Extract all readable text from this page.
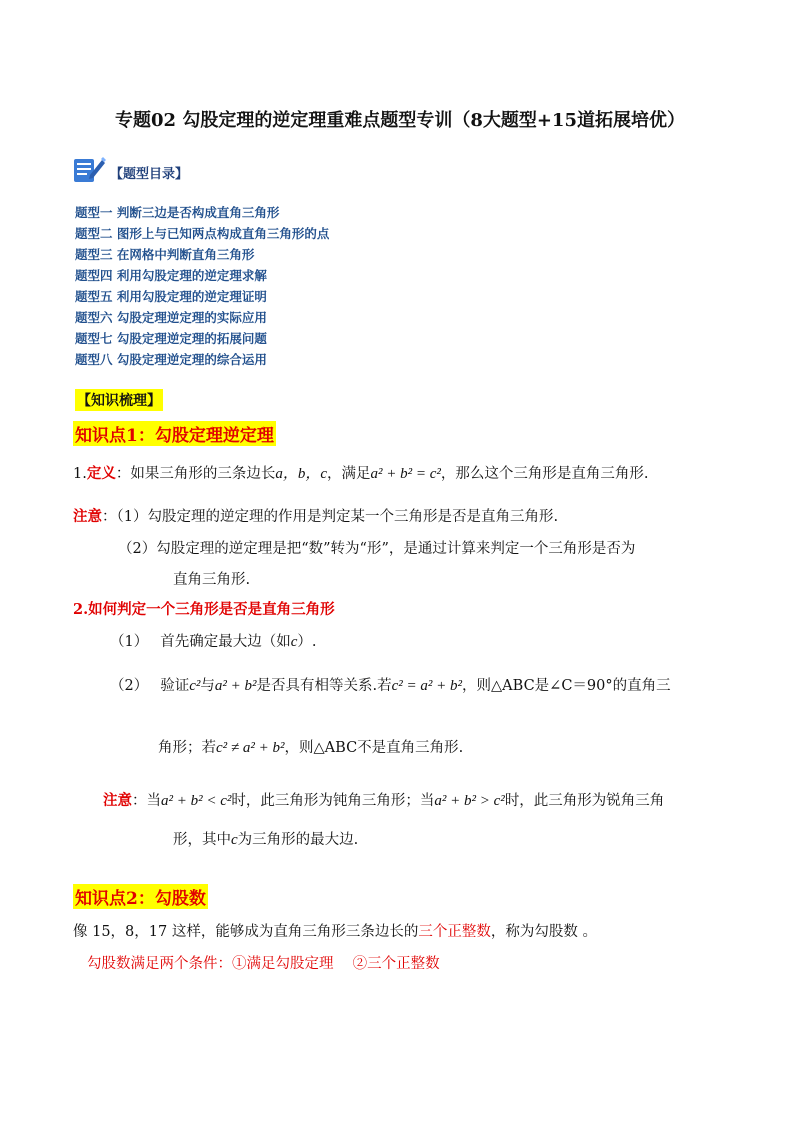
专题02 勾股定理的逆定理重难点题型专训（8大题型+15道拓展培优）
【题型目录】
题型一 判断三边是否构成直角三角形
题型二 图形上与已知两点构成直角三角形的点
题型三 在网格中判断直角三角形
题型四 利用勾股定理的逆定理求解
题型五 利用勾股定理的逆定理证明
题型六 勾股定理逆定理的实际应用
题型七 勾股定理逆定理的拓展问题
题型八 勾股定理逆定理的综合运用
【知识梳理】
知识点1：勾股定理逆定理
1.定义：如果三角形的三条边长a，b，c，满足a² + b² = c²，那么这个三角形是直角三角形.
注意：（1）勾股定理的逆定理的作用是判定某一个三角形是否是直角三角形.
（2）勾股定理的逆定理是把“数”转为“形”，是通过计算来判定一个三角形是否为
直角三角形.
2.如何判定一个三角形是否是直角三角形
（1） 首先确定最大边（如c）.
（2） 验证c²与a² + b²是否具有相等关系.若c² = a² + b²，则△ABC是∠C＝90°的直角三
角形；若c² ≠ a² + b²，则△ABC不是直角三角形.
注意：当a² + b² < c²时，此三角形为钝角三角形；当a² + b² > c²时，此三角形为锐角三角
形，其中c为三角形的最大边.
知识点2：勾股数
像 15，8，17 这样，能够成为直角三角形三条边长的三个正整数，称为勾股数 。
勾股数满足两个条件：①满足勾股定理　 ②三个正整数
